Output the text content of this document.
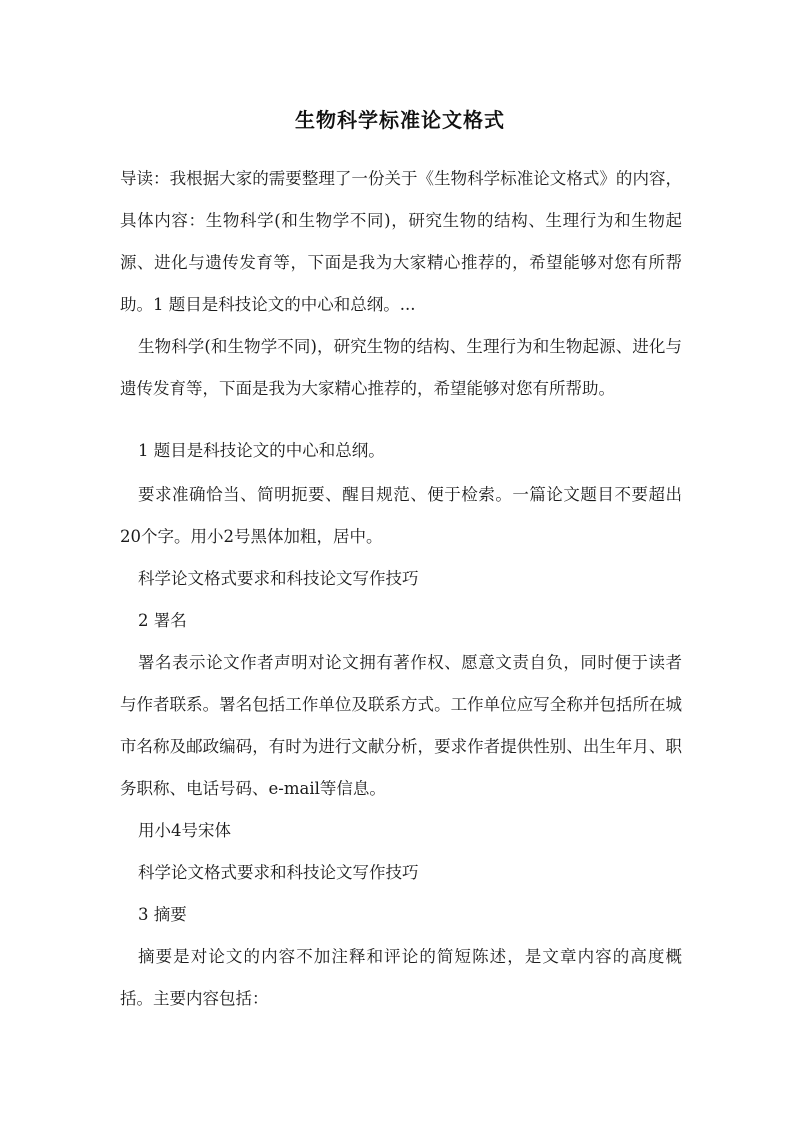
生物科学标准论文格式

导读：我根据大家的需要整理了一份关于《生物科学标准论文格式》的内容，具体内容：生物科学(和生物学不同)，研究生物的结构、生理行为和生物起源、进化与遗传发育等，下面是我为大家精心推荐的，希望能够对您有所帮助。1 题目是科技论文的中心和总纲。...

生物科学(和生物学不同)，研究生物的结构、生理行为和生物起源、进化与遗传发育等，下面是我为大家精心推荐的，希望能够对您有所帮助。

1 题目是科技论文的中心和总纲。

要求准确恰当、简明扼要、醒目规范、便于检索。一篇论文题目不要超出20个字。用小2号黑体加粗，居中。

科学论文格式要求和科技论文写作技巧

2 署名

署名表示论文作者声明对论文拥有著作权、愿意文责自负，同时便于读者与作者联系。署名包括工作单位及联系方式。工作单位应写全称并包括所在城市名称及邮政编码，有时为进行文献分析，要求作者提供性别、出生年月、职务职称、电话号码、e-mail等信息。

用小4号宋体

科学论文格式要求和科技论文写作技巧

3 摘要

摘要是对论文的内容不加注释和评论的简短陈述，是文章内容的高度概括。主要内容包括：
